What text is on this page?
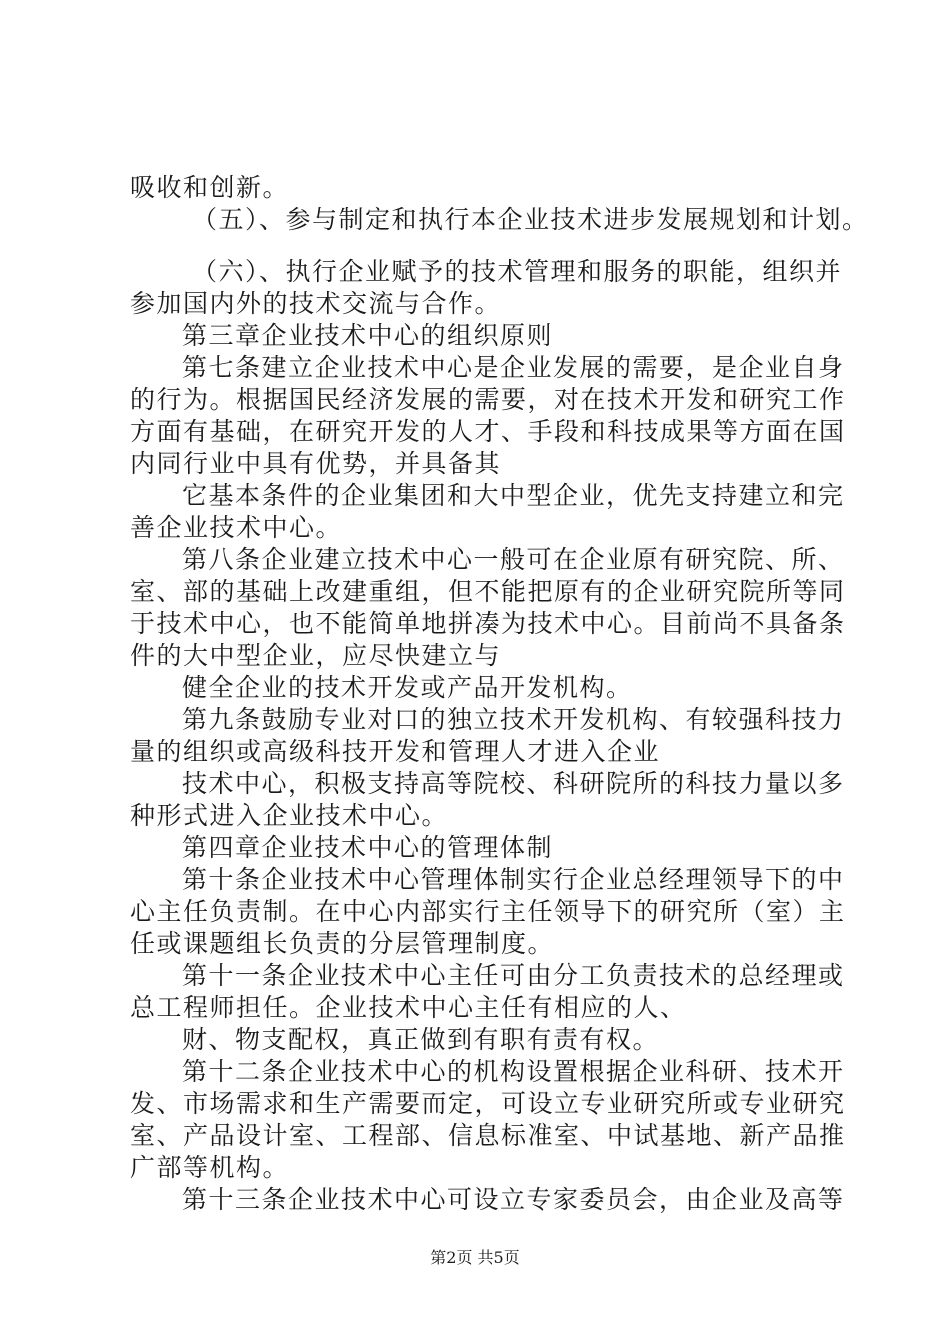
吸收和创新。
（五）、参与制定和执行本企业技术进步发展规划和计划。
（六）、执行企业赋予的技术管理和服务的职能，组织并
参加国内外的技术交流与合作。
第三章企业技术中心的组织原则
第七条建立企业技术中心是企业发展的需要，是企业自身
的行为。根据国民经济发展的需要，对在技术开发和研究工作
方面有基础，在研究开发的人才、手段和科技成果等方面在国
内同行业中具有优势，并具备其
它基本条件的企业集团和大中型企业，优先支持建立和完
善企业技术中心。
第八条企业建立技术中心一般可在企业原有研究院、所、
室、部的基础上改建重组，但不能把原有的企业研究院所等同
于技术中心，也不能简单地拼凑为技术中心。目前尚不具备条
件的大中型企业，应尽快建立与
健全企业的技术开发或产品开发机构。
第九条鼓励专业对口的独立技术开发机构、有较强科技力
量的组织或高级科技开发和管理人才进入企业
技术中心，积极支持高等院校、科研院所的科技力量以多
种形式进入企业技术中心。
第四章企业技术中心的管理体制
第十条企业技术中心管理体制实行企业总经理领导下的中
心主任负责制。在中心内部实行主任领导下的研究所（室）主
任或课题组长负责的分层管理制度。
第十一条企业技术中心主任可由分工负责技术的总经理或
总工程师担任。企业技术中心主任有相应的人、
财、物支配权，真正做到有职有责有权。
第十二条企业技术中心的机构设置根据企业科研、技术开
发、市场需求和生产需要而定，可设立专业研究所或专业研究
室、产品设计室、工程部、信息标准室、中试基地、新产品推
广部等机构。
第十三条企业技术中心可设立专家委员会，由企业及高等
第2页 共5页
